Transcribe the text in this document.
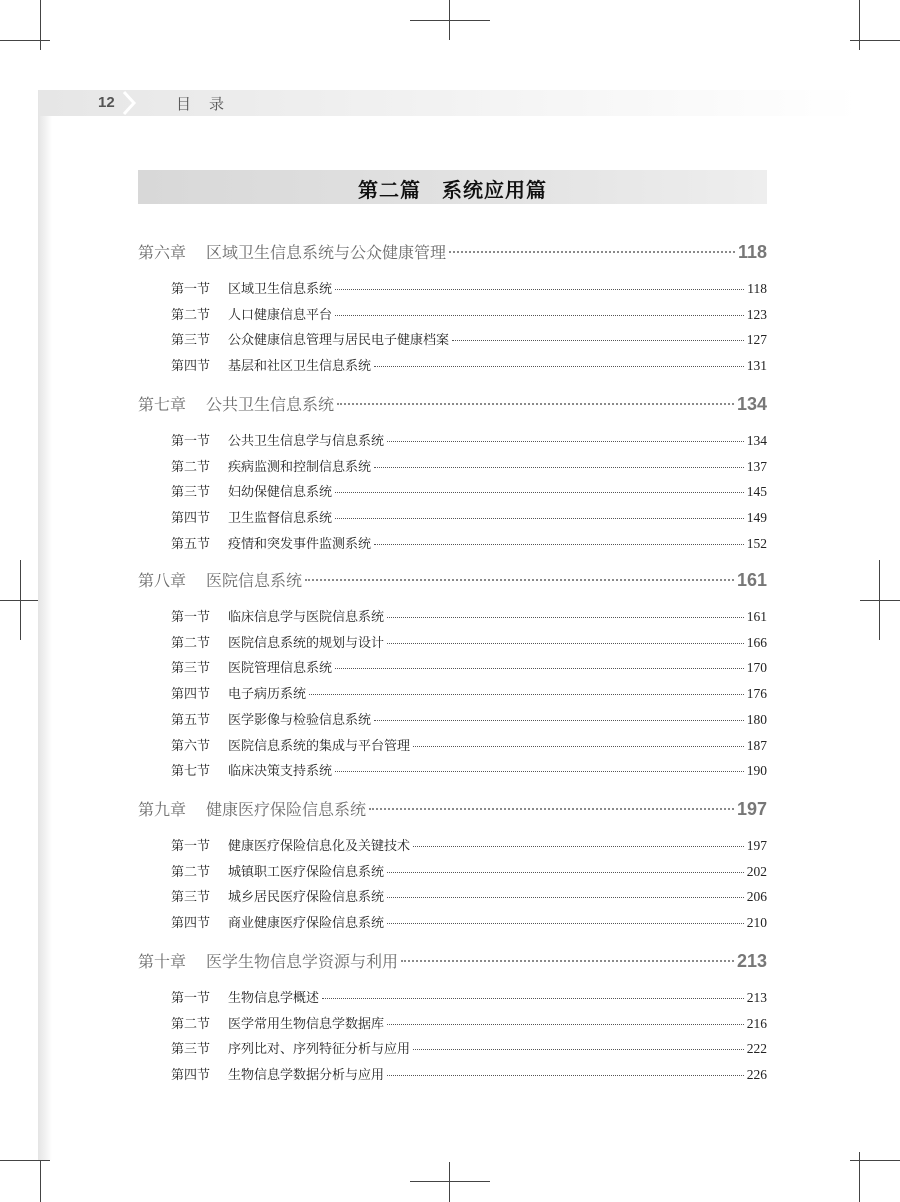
12	目录
第二篇　系统应用篇
第六章	区域卫生信息系统与公众健康管理	118
第一节	区域卫生信息系统	118
第二节	人口健康信息平台	123
第三节	公众健康信息管理与居民电子健康档案	127
第四节	基层和社区卫生信息系统	131
第七章	公共卫生信息系统	134
第一节	公共卫生信息学与信息系统	134
第二节	疾病监测和控制信息系统	137
第三节	妇幼保健信息系统	145
第四节	卫生监督信息系统	149
第五节	疫情和突发事件监测系统	152
第八章	医院信息系统	161
第一节	临床信息学与医院信息系统	161
第二节	医院信息系统的规划与设计	166
第三节	医院管理信息系统	170
第四节	电子病历系统	176
第五节	医学影像与检验信息系统	180
第六节	医院信息系统的集成与平台管理	187
第七节	临床决策支持系统	190
第九章	健康医疗保险信息系统	197
第一节	健康医疗保险信息化及关键技术	197
第二节	城镇职工医疗保险信息系统	202
第三节	城乡居民医疗保险信息系统	206
第四节	商业健康医疗保险信息系统	210
第十章	医学生物信息学资源与利用	213
第一节	生物信息学概述	213
第二节	医学常用生物信息学数据库	216
第三节	序列比对、序列特征分析与应用	222
第四节	生物信息学数据分析与应用	226
